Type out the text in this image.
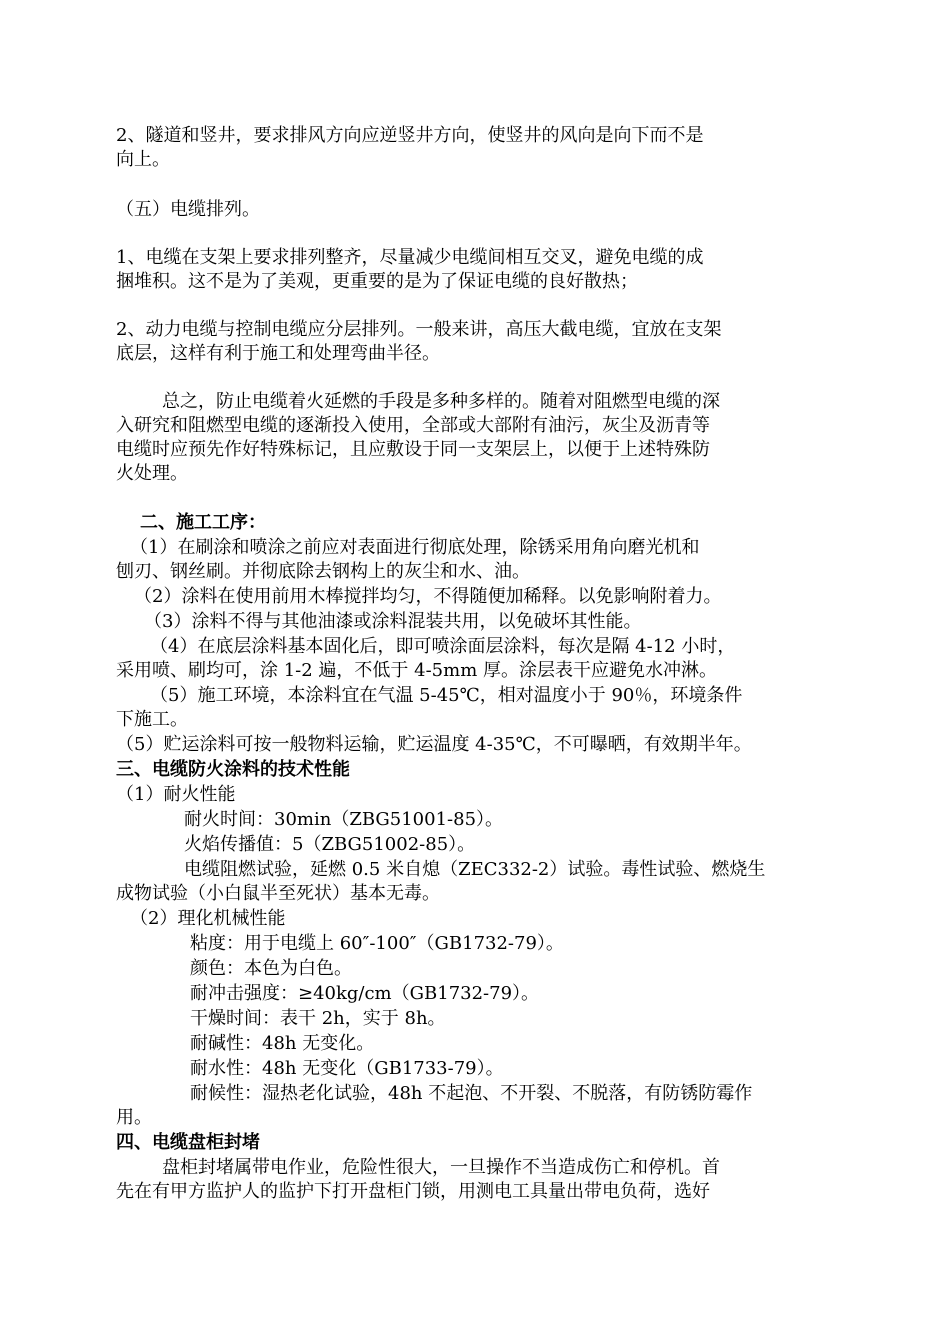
2、隧道和竖井，要求排风方向应逆竖井方向，使竖井的风向是向下而不是
向上。
（五）电缆排列。
1、电缆在支架上要求排列整齐，尽量减少电缆间相互交叉，避免电缆的成
捆堆积。这不是为了美观，更重要的是为了保证电缆的良好散热；
2、动力电缆与控制电缆应分层排列。一般来讲，高压大截电缆，宜放在支架
底层，这样有利于施工和处理弯曲半径。
总之，防止电缆着火延燃的手段是多种多样的。随着对阻燃型电缆的深
入研究和阻燃型电缆的逐渐投入使用，全部或大部附有油污，灰尘及沥青等
电缆时应预先作好特殊标记，且应敷设于同一支架层上，以便于上述特殊防
火处理。
二、施工工序：
（1）在刷涂和喷涂之前应对表面进行彻底处理，除锈采用角向磨光机和
刨刃、钢丝刷。并彻底除去钢构上的灰尘和水、油。
（2）涂料在使用前用木棒搅拌均匀，不得随便加稀释。以免影响附着力。
（3）涂料不得与其他油漆或涂料混装共用，以免破坏其性能。
（4）在底层涂料基本固化后，即可喷涂面层涂料，每次是隔 4-12 小时，
采用喷、刷均可，涂 1-2 遍，不低于 4-5mm 厚。涂层表干应避免水冲淋。
（5）施工环境，本涂料宜在气温 5-45℃，相对温度小于 90％，环境条件
下施工。
（5）贮运涂料可按一般物料运输，贮运温度 4-35℃，不可曝晒，有效期半年。
三、电缆防火涂料的技术性能
（1）耐火性能
耐火时间：30min（ZBG51001-85）。
火焰传播值：5（ZBG51002-85）。
电缆阻燃试验，延燃 0.5 米自熄（ZEC332-2）试验。毒性试验、燃烧生
成物试验（小白鼠半至死状）基本无毒。
（2）理化机械性能
粘度：用于电缆上 60″-100″（GB1732-79）。
颜色：本色为白色。
耐冲击强度：≥40kg/cm（GB1732-79）。
干燥时间：表干 2h，实于 8h。
耐碱性：48h 无变化。
耐水性：48h 无变化（GB1733-79）。
耐候性：湿热老化试验，48h 不起泡、不开裂、不脱落，有防锈防霉作
用。
四、电缆盘柜封堵
盘柜封堵属带电作业，危险性很大，一旦操作不当造成伤亡和停机。首
先在有甲方监护人的监护下打开盘柜门锁，用测电工具量出带电负荷，选好
